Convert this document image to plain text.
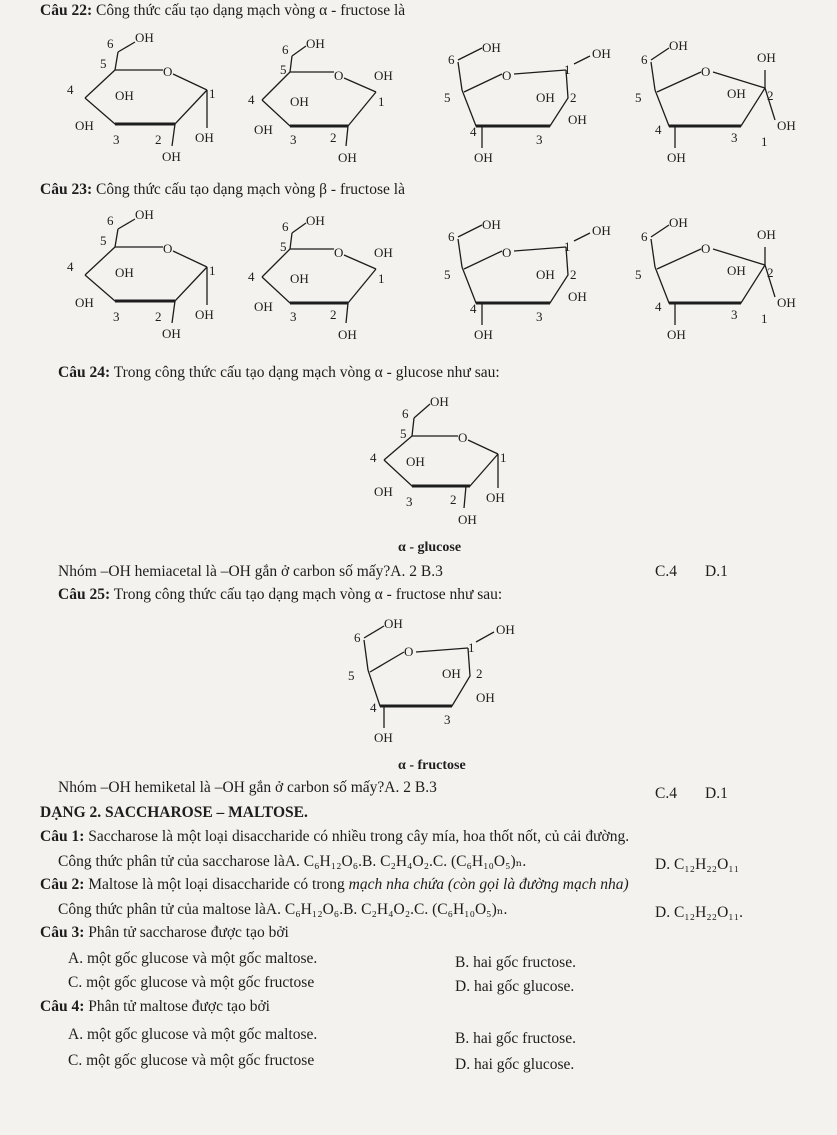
Câu 22: Công thức cấu tạo dạng mạch vòng α - fructose là
OH
6
5
O
1
4	OH
OH
3	2	OH
OH
OH
6
5	O OH
1
4	OH
OH
3	2
OH
OH
6
O	1
OH
5	OH 2
OH
4
3
OH
OH
6	OH
O
5	OH 2
OH
4
3 1
OH
Câu 23: Công thức cấu tạo dạng mạch vòng β - fructose là
OH
6
5
O
1
4	OH
OH
3	2	OH
OH
OH
6
5	O OH
1
4	OH
OH
3	2
OH
OH
6
O	1
OH
5	OH 2
OH
4
3
OH
OH
6	OH
O
5	OH 2
OH
4
3 1
OH
Câu 24: Trong công thức cấu tạo dạng mạch vòng α - glucose như sau:
OH
6
5	O
1
4 OH
OH
3	2 OH
OH
α - glucose
Nhóm –OH hemiacetal là –OH gắn ở carbon số mấy?A. 2 B.3	C.4 D.1
Câu 25: Trong công thức cấu tạo dạng mạch vòng α - fructose như sau:
OH
6
O	1
OH
5	OH 2
OH
4
3
OH
α - fructose
Nhóm –OH hemiketal là –OH gắn ở carbon số mấy?A. 2 B.3	C.4 D.1
DẠNG 2. SACCHAROSE – MALTOSE.
Câu 1: Saccharose là một loại disaccharide có nhiều trong cây mía, hoa thốt nốt, củ cải đường.
Công thức phân tử của saccharose làA. C₆H₁₂O₆.B. C₂H₄O₂.C. (C₆H₁₀O₅)ₙ.	D. C₁₂H₂₂O₁₁
Câu 2: Maltose là một loại disaccharide có trong mạch nha chứa (còn gọi là đường mạch nha)
Công thức phân tử của maltose làA. C₆H₁₂O₆.B. C₂H₄O₂.C. (C₆H₁₀O₅)ₙ.	D. C₁₂H₂₂O₁₁.
Câu 3: Phân tử saccharose được tạo bởi
A. một gốc glucose và một gốc maltose.	B. hai gốc fructose.
C. một gốc glucose và một gốc fructose	D. hai gốc glucose.
Câu 4: Phân tử maltose được tạo bởi
A. một gốc glucose và một gốc maltose.	B. hai gốc fructose.
C. một gốc glucose và một gốc fructose	D. hai gốc glucose.
